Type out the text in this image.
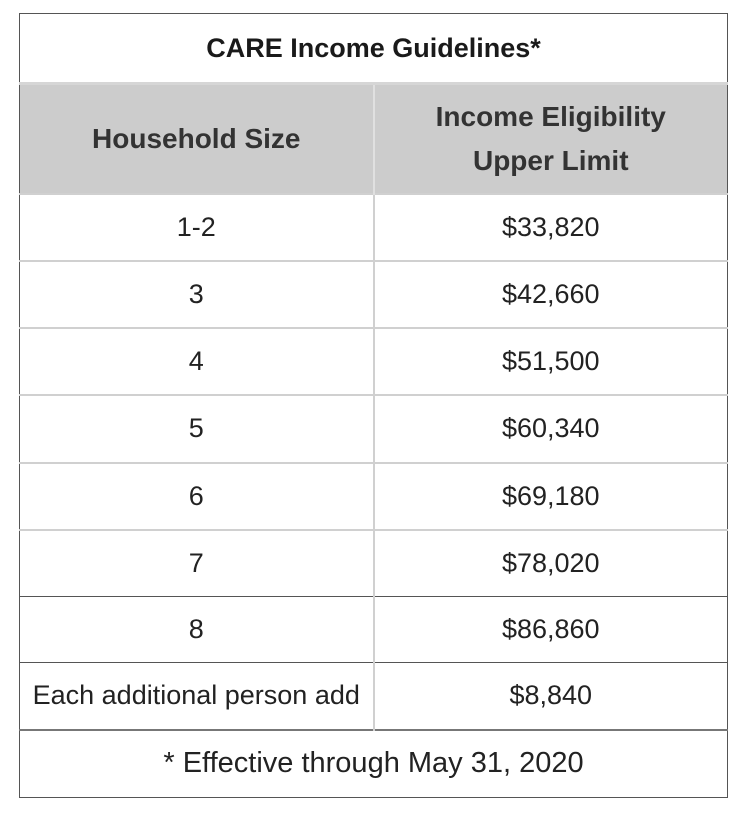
CARE Income Guidelines*	
Household Size	Income Eligibility
Upper Limit

1-2	$33,820
3	$42,660
4	$51,500
5	$60,340
6	$69,180
7	$78,020
8	$86,860
Each additional person add	$8,840
* Effective through May 31, 2020	
